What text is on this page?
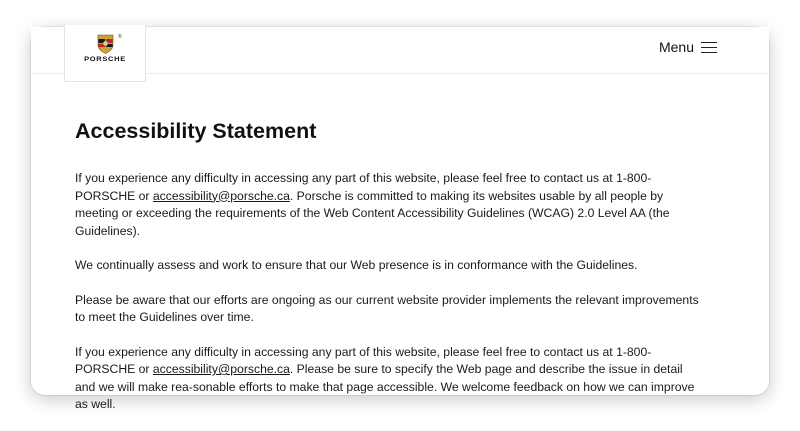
®
PORSCHE
Menu
Accessibility Statement

If you experience any difficulty in accessing any part of this website, please feel free to contact us at 1-800-PORSCHE or accessibility@porsche.ca. Porsche is committed to making its websites usable by all people by meeting or exceeding the requirements of the Web Content Accessibility Guidelines (WCAG) 2.0 Level AA (the Guidelines).

We continually assess and work to ensure that our Web presence is in conformance with the Guidelines.

Please be aware that our efforts are ongoing as our current website provider implements the relevant improvements to meet the Guidelines over time.

If you experience any difficulty in accessing any part of this website, please feel free to contact us at 1-800-PORSCHE or accessibility@porsche.ca. Please be sure to specify the Web page and describe the issue in detail and we will make rea-sonable efforts to make that page accessible. We welcome feedback on how we can improve as well.
